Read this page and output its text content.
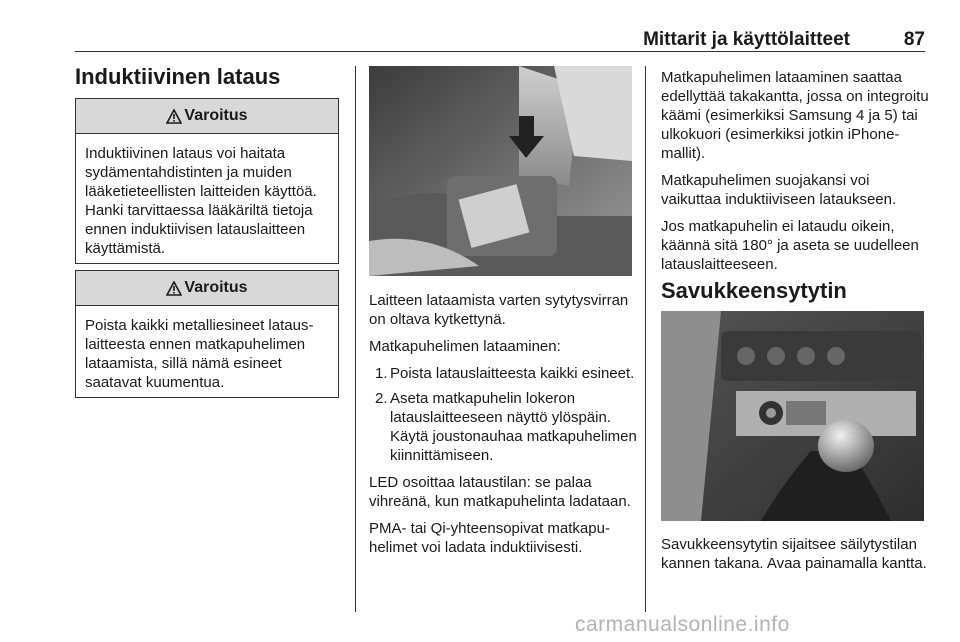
Mittarit ja käyttölaitteet	87
Induktiivinen lataus
Varoitus
Induktiivinen lataus voi haitata sydämentahdistinten ja muiden lääketieteellisten laitteiden käyttöä. Hanki tarvittaessa lääkäriltä tietoja ennen induktiivisen latauslaitteen käyttämistä.
Varoitus
Poista kaikki metalliesineet latauslaitteesta ennen matkapuhelimen lataamista, sillä nämä esineet saatavat kuumentua.

Laitteen lataamista varten sytytysvirran on oltava kytkettynä.

Matkapuhelimen lataaminen:

1. Poista latauslaitteesta kaikki esineet.
2. Aseta matkapuhelin lokeron latauslaitteeseen näyttö ylöspäin. Käytä joustonauhaa matkapuhelimen kiinnittämiseen.

LED osoittaa lataustilan: se palaa vihreänä, kun matkapuhelinta ladataan.

PMA- tai Qi-yhteensopivat matkapuhelimet voi ladata induktiivisesti.

Matkapuhelimen lataaminen saattaa edellyttää takakantta, jossa on integroitu käämi (esimerkiksi Samsung 4 ja 5) tai ulkokuori (esimerkiksi jotkin iPhone-mallit).

Matkapuhelimen suojakansi voi vaikuttaa induktiiviseen lataukseen.

Jos matkapuhelin ei lataudu oikein, käännä sitä 180° ja aseta se uudelleen latauslaitteeseen.

Savukkeensytytin

Savukkeensytytin sijaitsee säilytystilan kannen takana. Avaa painamalla kantta.

carmanualsonline.info
